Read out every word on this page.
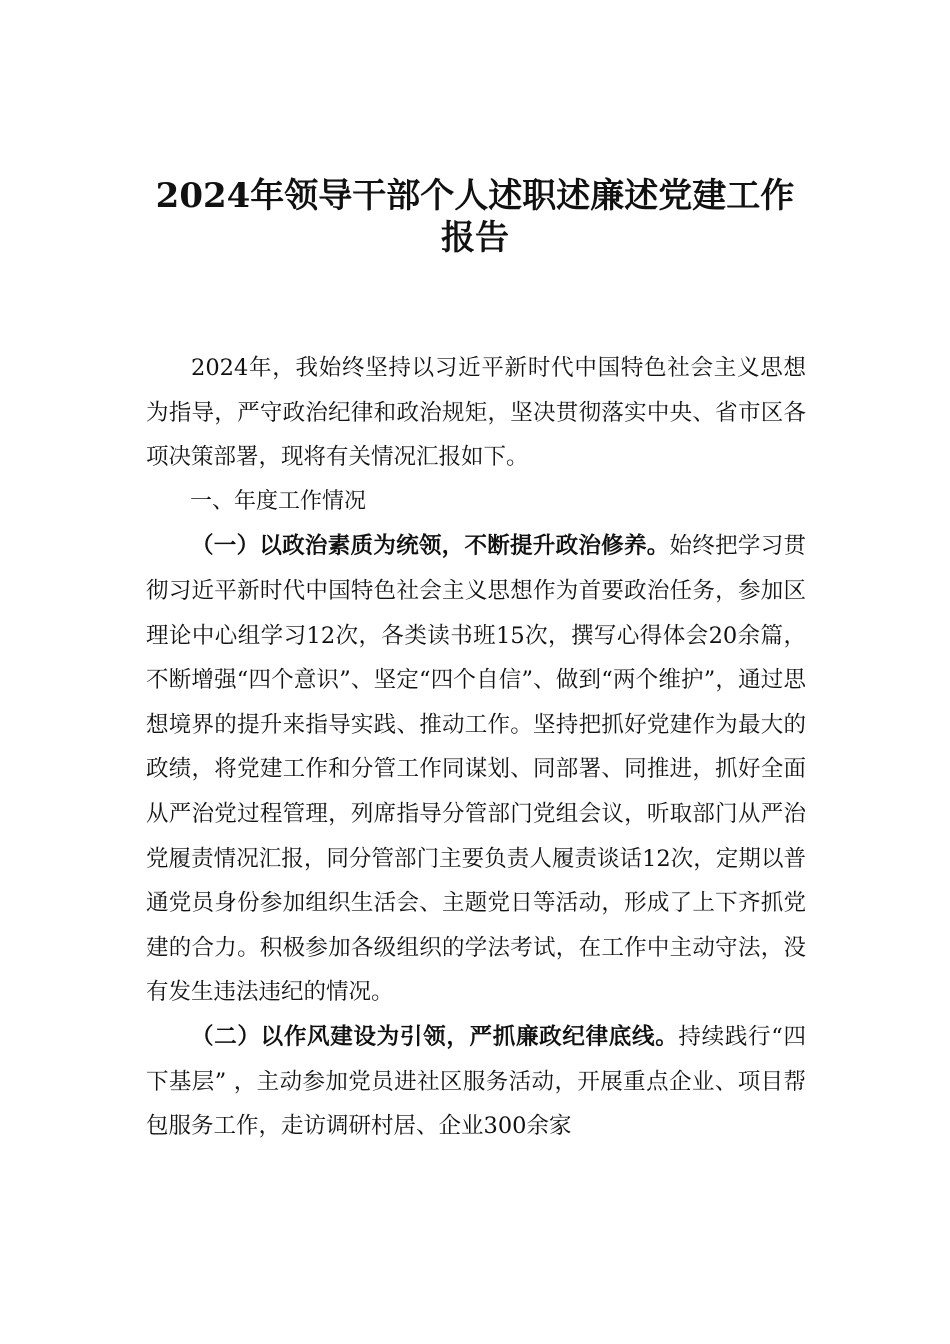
2024年领导干部个人述职述廉述党建工作
报告

2024年，我始终坚持以习近平新时代中国特色社会主义思想为指导，严守政治纪律和政治规矩，坚决贯彻落实中央、省市区各项决策部署，现将有关情况汇报如下。

一、年度工作情况

（一）以政治素质为统领，不断提升政治修养。始终把学习贯彻习近平新时代中国特色社会主义思想作为首要政治任务，参加区理论中心组学习12次，各类读书班15次，撰写心得体会20余篇，不断增强“四个意识”、坚定“四个自信”、做到“两个维护”，通过思想境界的提升来指导实践、推动工作。坚持把抓好党建作为最大的政绩，将党建工作和分管工作同谋划、同部署、同推进，抓好全面从严治党过程管理，列席指导分管部门党组会议，听取部门从严治党履责情况汇报，同分管部门主要负责人履责谈话12次，定期以普通党员身份参加组织生活会、主题党日等活动，形成了上下齐抓党建的合力。积极参加各级组织的学法考试，在工作中主动守法，没有发生违法违纪的情况。

（二）以作风建设为引领，严抓廉政纪律底线。持续践行“四下基层” ，主动参加党员进社区服务活动，开展重点企业、项目帮包服务工作，走访调研村居、企业300余家
